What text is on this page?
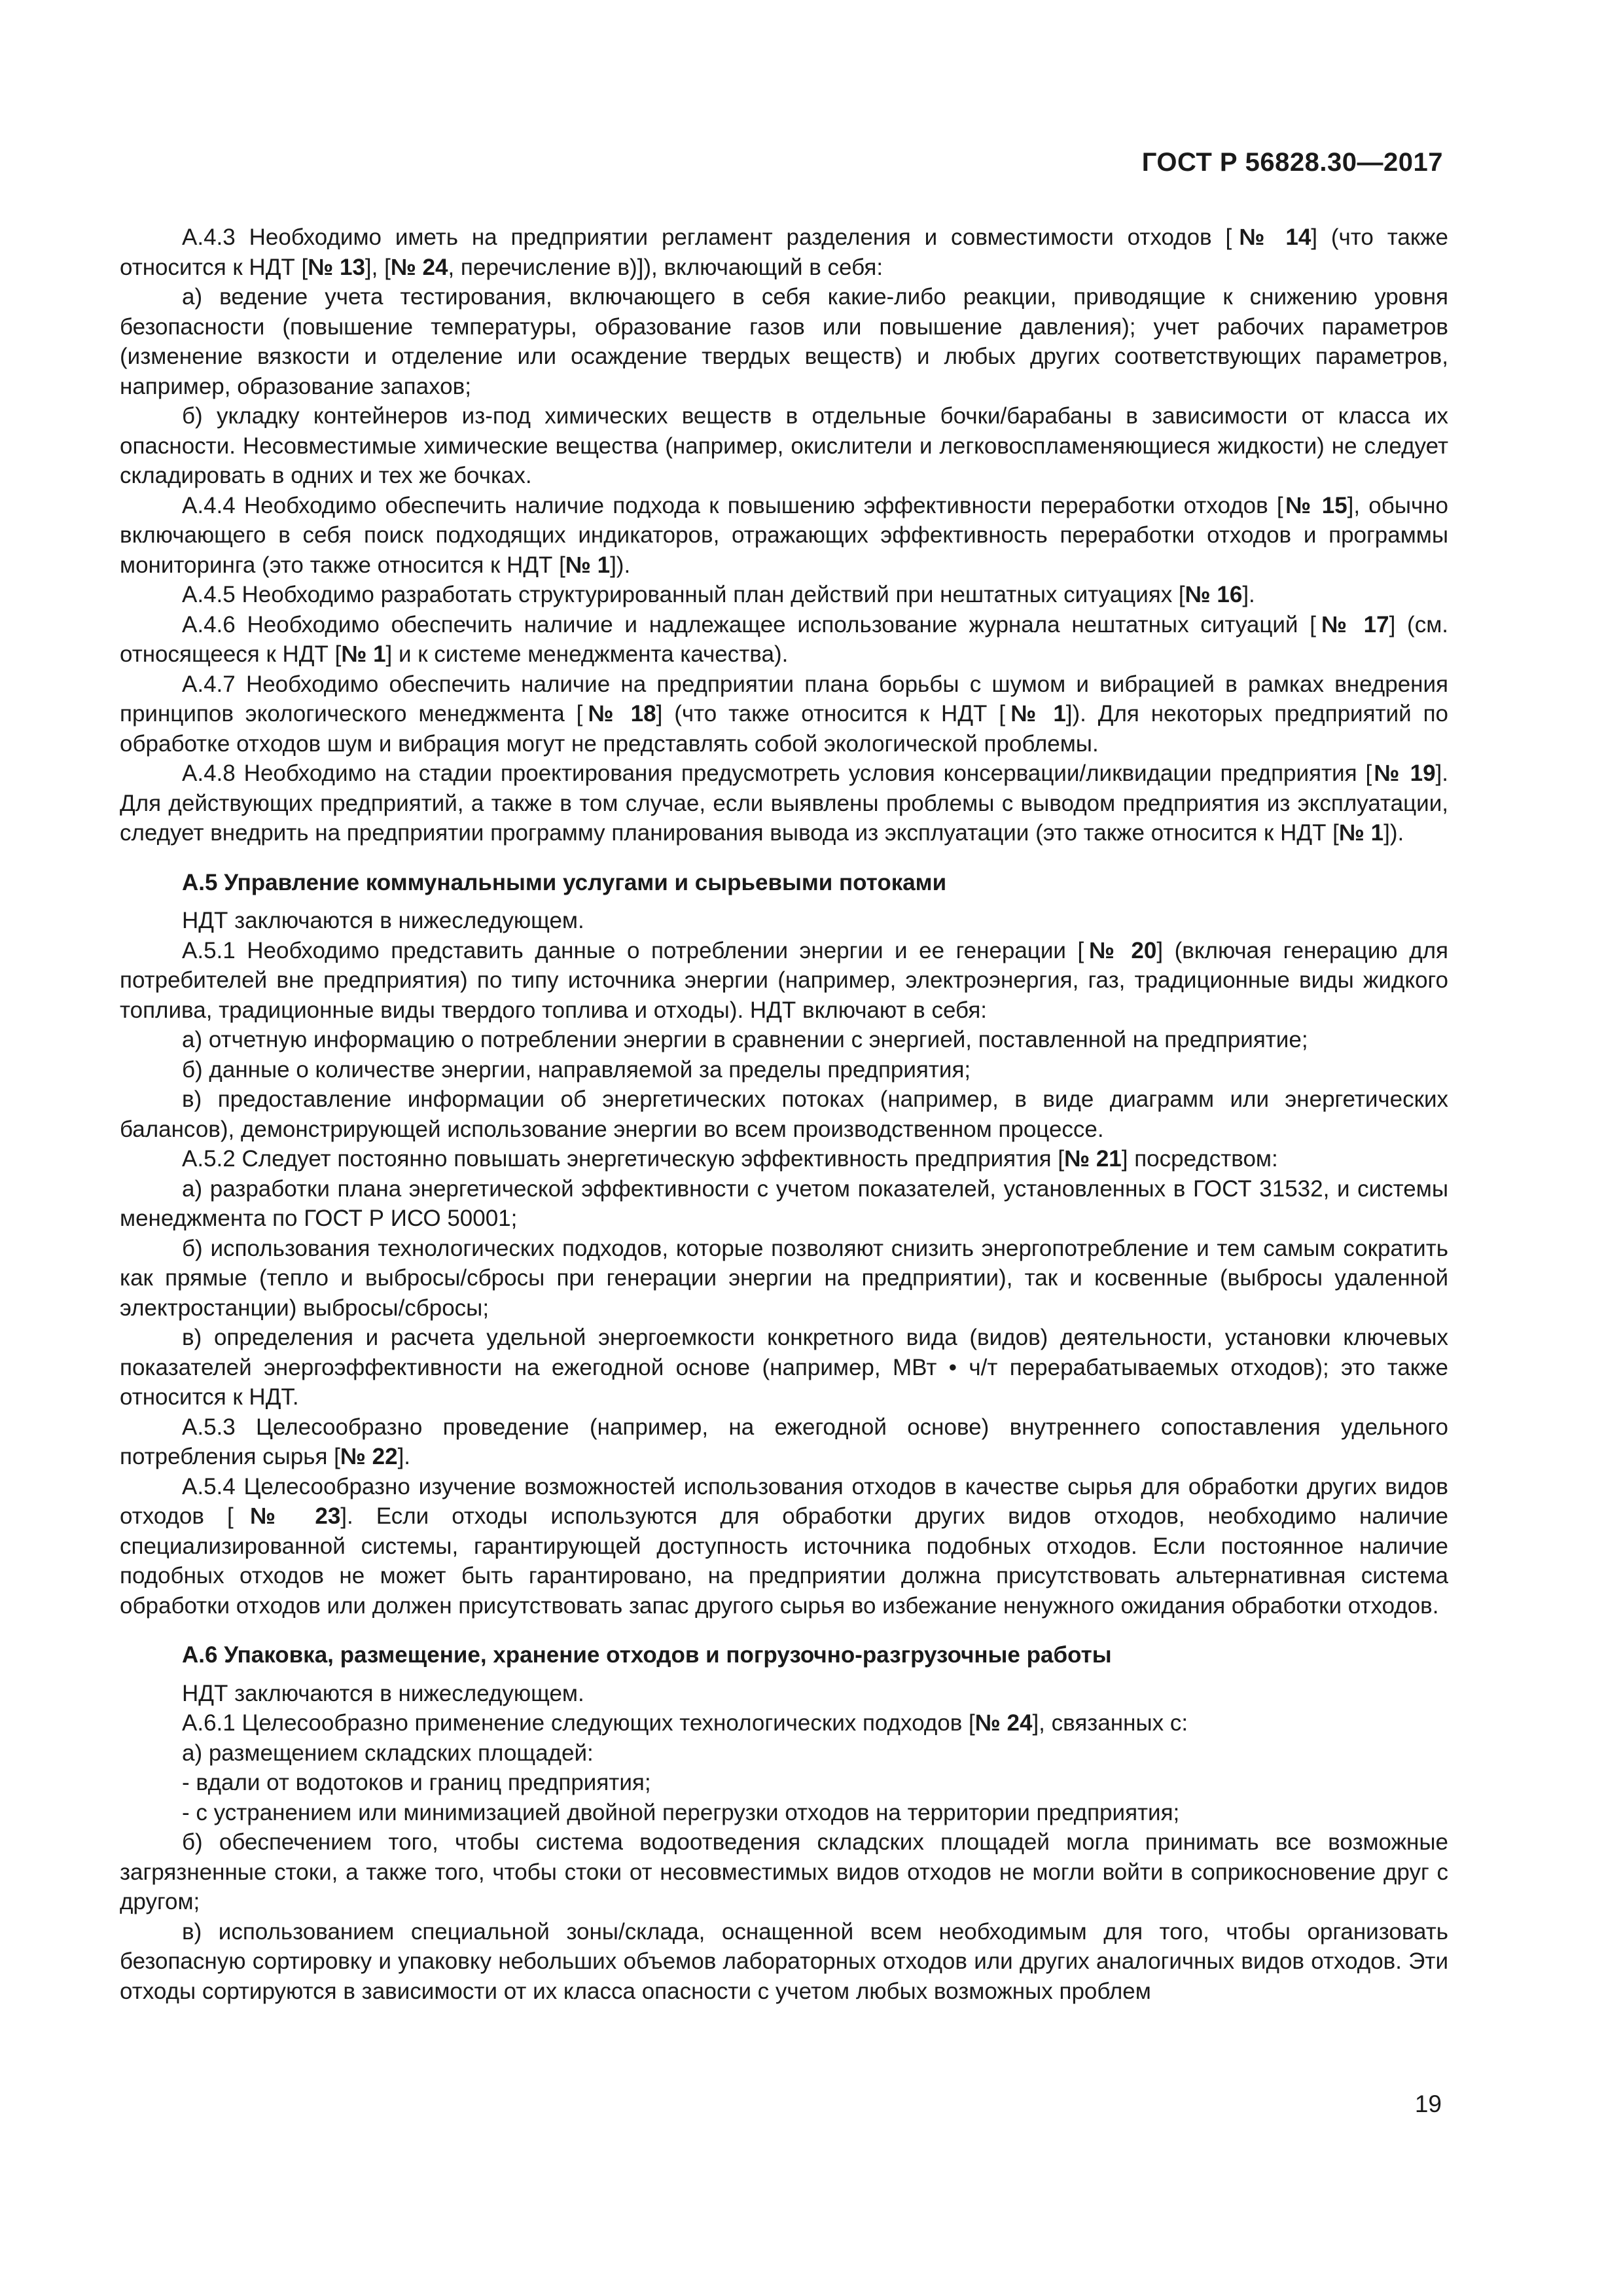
ГОСТ Р 56828.30—2017

А.4.3 Необходимо иметь на предприятии регламент разделения и совместимости отходов [№ 14] (что также относится к НДТ [№ 13], [№ 24, перечисление в)]), включающий в себя:

а) ведение учета тестирования, включающего в себя какие-либо реакции, приводящие к снижению уровня безопасности (повышение температуры, образование газов или повышение давления); учет рабочих параметров (изменение вязкости и отделение или осаждение твердых веществ) и любых других соответствующих параметров, например, образование запахов;

б) укладку контейнеров из-под химических веществ в отдельные бочки/барабаны в зависимости от класса их опасности. Несовместимые химические вещества (например, окислители и легковоспламеняющиеся жидкости) не следует складировать в одних и тех же бочках.

А.4.4 Необходимо обеспечить наличие подхода к повышению эффективности переработки отходов [№ 15], обычно включающего в себя поиск подходящих индикаторов, отражающих эффективность переработки отходов и программы мониторинга (это также относится к НДТ [№ 1]).

А.4.5 Необходимо разработать структурированный план действий при нештатных ситуациях [№ 16].

А.4.6 Необходимо обеспечить наличие и надлежащее использование журнала нештатных ситуаций [№ 17] (см. относящееся к НДТ [№ 1] и к системе менеджмента качества).

А.4.7 Необходимо обеспечить наличие на предприятии плана борьбы с шумом и вибрацией в рамках внедрения принципов экологического менеджмента [№ 18] (что также относится к НДТ [№ 1]). Для некоторых предприятий по обработке отходов шум и вибрация могут не представлять собой экологической проблемы.

А.4.8 Необходимо на стадии проектирования предусмотреть условия консервации/ликвидации предприятия [№ 19]. Для действующих предприятий, а также в том случае, если выявлены проблемы с выводом предприятия из эксплуатации, следует внедрить на предприятии программу планирования вывода из эксплуатации (это также относится к НДТ [№ 1]).

А.5 Управление коммунальными услугами и сырьевыми потоками

НДТ заключаются в нижеследующем.

А.5.1 Необходимо представить данные о потреблении энергии и ее генерации [№ 20] (включая генерацию для потребителей вне предприятия) по типу источника энергии (например, электроэнергия, газ, традиционные виды жидкого топлива, традиционные виды твердого топлива и отходы). НДТ включают в себя:

а) отчетную информацию о потреблении энергии в сравнении с энергией, поставленной на предприятие;

б) данные о количестве энергии, направляемой за пределы предприятия;

в) предоставление информации об энергетических потоках (например, в виде диаграмм или энергетических балансов), демонстрирующей использование энергии во всем производственном процессе.

А.5.2 Следует постоянно повышать энергетическую эффективность предприятия [№ 21] посредством:

а) разработки плана энергетической эффективности с учетом показателей, установленных в ГОСТ 31532, и системы менеджмента по ГОСТ Р ИСО 50001;

б) использования технологических подходов, которые позволяют снизить энергопотребление и тем самым сократить как прямые (тепло и выбросы/сбросы при генерации энергии на предприятии), так и косвенные (выбросы удаленной электростанции) выбросы/сбросы;

в) определения и расчета удельной энергоемкости конкретного вида (видов) деятельности, установки ключевых показателей энергоэффективности на ежегодной основе (например, МВт • ч/т перерабатываемых отходов); это также относится к НДТ.

А.5.3 Целесообразно проведение (например, на ежегодной основе) внутреннего сопоставления удельного потребления сырья [№ 22].

А.5.4 Целесообразно изучение возможностей использования отходов в качестве сырья для обработки других видов отходов [№ 23]. Если отходы используются для обработки других видов отходов, необходимо наличие специализированной системы, гарантирующей доступность источника подобных отходов. Если постоянное наличие подобных отходов не может быть гарантировано, на предприятии должна присутствовать альтернативная система обработки отходов или должен присутствовать запас другого сырья во избежание ненужного ожидания обработки отходов.

А.6 Упаковка, размещение, хранение отходов и погрузочно-разгрузочные работы

НДТ заключаются в нижеследующем.

А.6.1 Целесообразно применение следующих технологических подходов [№ 24], связанных с:

а) размещением складских площадей:

- вдали от водотоков и границ предприятия;

- с устранением или минимизацией двойной перегрузки отходов на территории предприятия;

б) обеспечением того, чтобы система водоотведения складских площадей могла принимать все возможные загрязненные стоки, а также того, чтобы стоки от несовместимых видов отходов не могли войти в соприкосновение друг с другом;

в) использованием специальной зоны/склада, оснащенной всем необходимым для того, чтобы организовать безопасную сортировку и упаковку небольших объемов лабораторных отходов или других аналогичных видов отходов. Эти отходы сортируются в зависимости от их класса опасности с учетом любых возможных проблем

19
